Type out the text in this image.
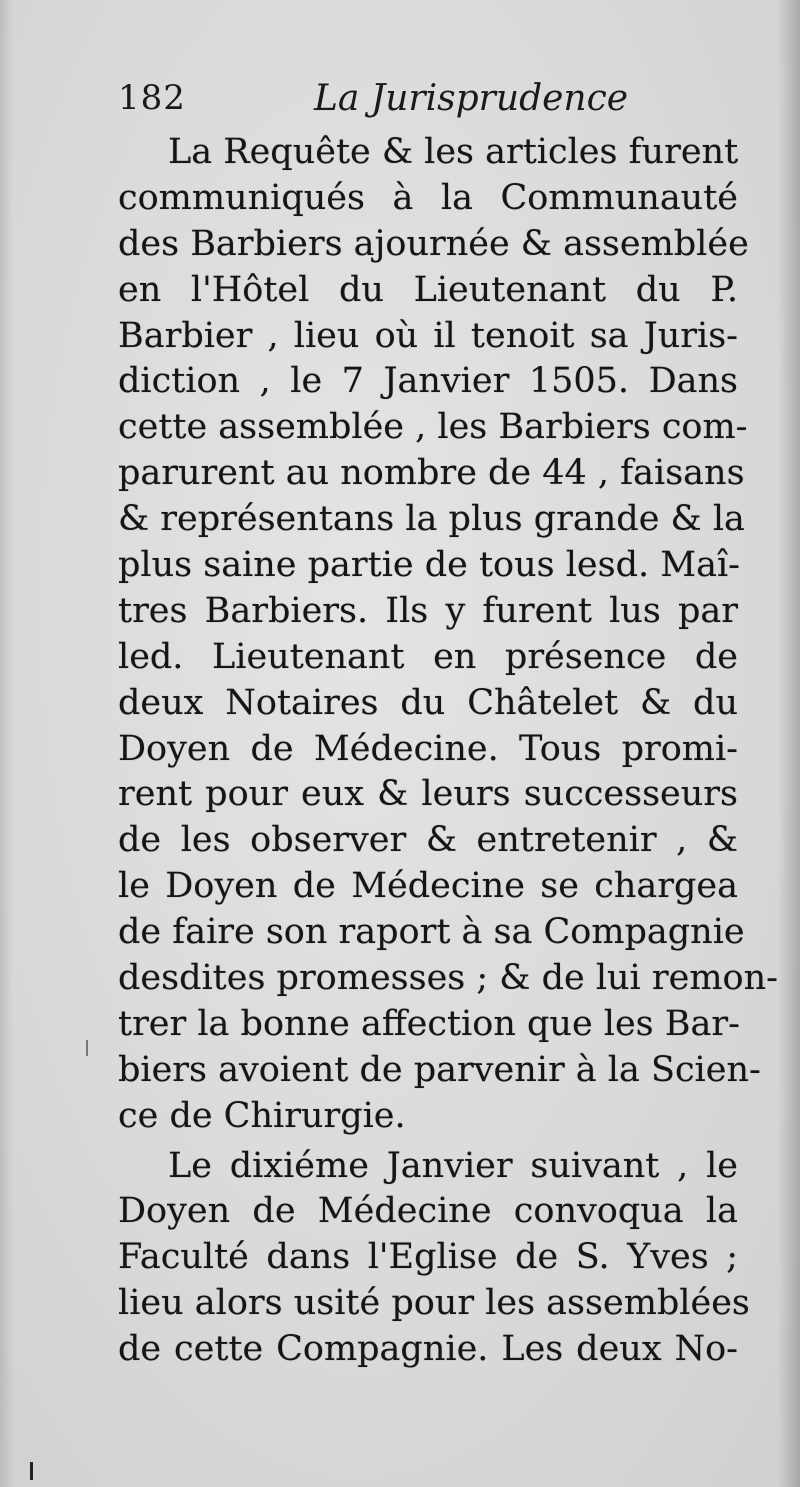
182	La Jurisprudence
La Requête & les articles furent
communiqués à la Communauté
des Barbiers ajournée & assemblée
en l'Hôtel du Lieutenant du P.
Barbier , lieu où il tenoit sa Juris-
diction , le 7 Janvier 1505. Dans
cette assemblée , les Barbiers com-
parurent au nombre de 44 , faisans
& représentans la plus grande & la
plus saine partie de tous lesd. Maî-
tres Barbiers. Ils y furent lus par
led. Lieutenant en présence de
deux Notaires du Châtelet & du
Doyen de Médecine. Tous promi-
rent pour eux & leurs successeurs
de les observer & entretenir , &
le Doyen de Médecine se chargea
de faire son raport à sa Compagnie
desdites promesses ; & de lui remon-
trer la bonne affection que les Bar-
biers avoient de parvenir à la Scien-
ce de Chirurgie.
Le dixiéme Janvier suivant , le
Doyen de Médecine convoqua la
Faculté dans l'Eglise de S. Yves ;
lieu alors usité pour les assemblées
de cette Compagnie. Les deux No-
